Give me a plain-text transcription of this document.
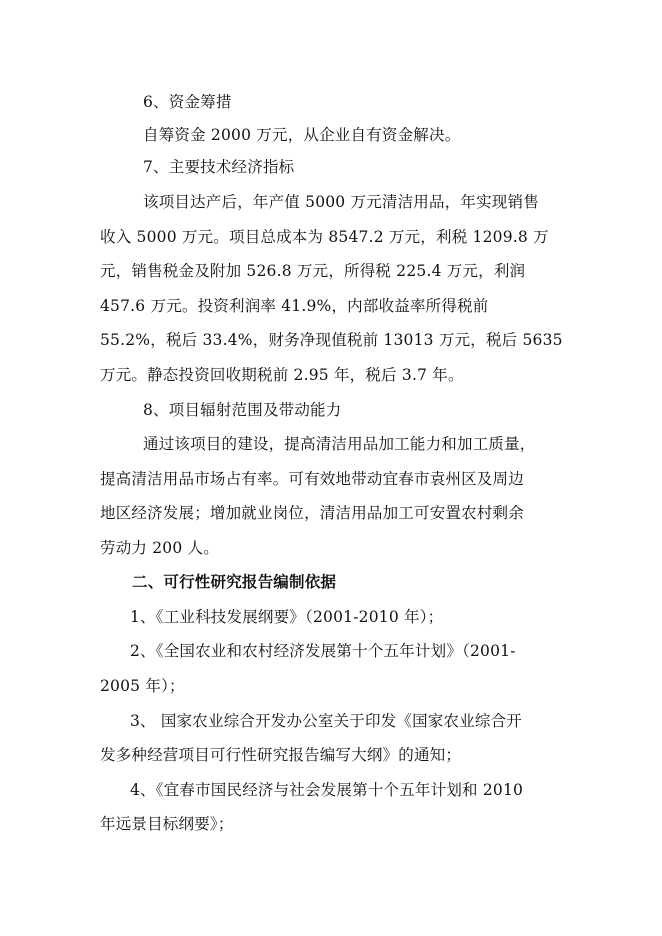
6、资金筹措
自筹资金 2000 万元，从企业自有资金解决。
7、主要技术经济指标
该项目达产后，年产值 5000 万元清洁用品，年实现销售
收入 5000 万元。项目总成本为 8547.2 万元，利税 1209.8 万
元，销售税金及附加 526.8 万元，所得税 225.4 万元，利润
457.6 万元。投资利润率 41.9%，内部收益率所得税前
55.2%，税后 33.4%，财务净现值税前 13013 万元，税后 5635
万元。静态投资回收期税前 2.95 年，税后 3.7 年。
8、项目辐射范围及带动能力
通过该项目的建设，提高清洁用品加工能力和加工质量，
提高清洁用品市场占有率。可有效地带动宜春市袁州区及周边
地区经济发展；增加就业岗位，清洁用品加工可安置农村剩余
劳动力 200 人。
二、可行性研究报告编制依据
1、《工业科技发展纲要》（2001-2010 年）；
2、《全国农业和农村经济发展第十个五年计划》（2001-
2005 年）；
3、 国家农业综合开发办公室关于印发《国家农业综合开
发多种经营项目可行性研究报告编写大纲》的通知；
4、《宜春市国民经济与社会发展第十个五年计划和 2010
年远景目标纲要》；
